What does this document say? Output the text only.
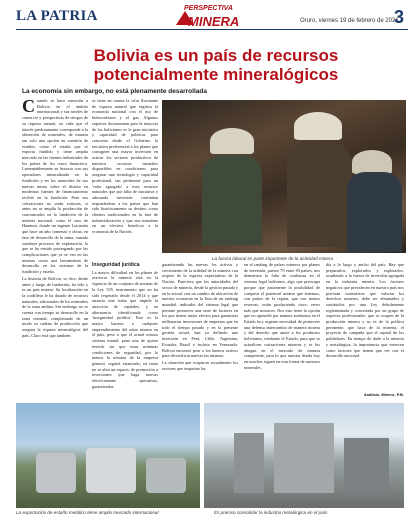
LA PATRIA	PERSPECTIVA
MINERA	Oruro, viernes 19 de febrero de 2021
3
Bolivia es un país de recursos potencialmente mineralógicos
La economía sin embargo, no está plenamente desarrollada

Cuando se hace mención a Bolivia en el ámbito internacional y sus niveles de comercio y perspectivas de riesgos de su riqueza natural, no cabe que el interés predominante corresponde a la obtención de minerales, de manera tan solo una opción en cuestión de estaños, como el estaño que se exporta fundido y tiene amplia mercado en las fuentes industriales de los países de los cinco financiero. Lamentablemente su historia con sus operadores mineralizada en la fundición y en los minerales de sus nuevas minas sobre el distrito en modernas fuentes de financiamiento recibió en la fundición. Pero sus cotizaciones no serán exitosas, si antes no se amplía la producción de concentrados en la fundición de la minería nacional, como el caso de Huanuni, donde un ingenio Lucianita que hace un año comenzó y obras, en fase de desarrollo de la mina, cuando sustituye procesos de explotación, lo que se ha venido postergando por las complicaciones que ya se ven en las mismas como una herramienta de desarrollo en los sistemas de la fundición y estaño.

La historia de Bolivia, se dice, desde antes y luego de fundación, ha sido y es un país minero. Su localización en la cordillera le ha dotado de recursos naturales, adicionales de los minerales de la zona andina. Sin embargo no se cuenta con tiempo su desarrollo en la zona oriental, completando de un modo su cadena de producción que asegura la riqueza mineralógica del país. Claro está que también

se tiene en cuenta la cifra fluctuante de riqueza natural que registra la economía nacional con el uso de hidrocarburos y el gas. Algunos expertos documentan para la mayoría de los bolivianos es la gran iniciativa y capacidad de políticas para concretar desde el Gobierno la iniciativa preferencial a los planes que consignen una mayor inversión en activar los sectores productivos de nuestros recursos naturales disponibles en condiciones para asegurar una tecnología y capacidad profesional, tan pertinente para un 'valor agregado' a esos recursos naturales que por falta de iniciativa y adecuada inversión continúan importándose a los países que han sido históricamente su destino como clientes tradicionales en la fase de industrialización y que nos mantiene en un efectivo beneficio a la economía de la Nación.

La fuerza laboral es parte importante de la actividad minera
Inseguridad jurídica

La mayor dificultad en los planes de reactivar la minería está en la vigencia de un conjunto de normas de la Ley 535, instrumento que no ha sido respetado desde el 2014 y que atraería una traba que impide la atracción de capitales, y en alternancia identificando como 'inseguridad jurídica'. Este es la mayor barrera a cualquier emprendimiento del rubro minero en el país, pese a que el actual mismo sistema estatal, pone una de quiere invertir sin que estas mínimas condiciones de seguridad, por lo menos la nómina de la empresa general, seguirá estancado, en tanto no se abra un espacio de promoción a inversiones que haga nuevas efectivamente operativas, garantizadas.

garantizando las nuevas los activos y crecimiento de la utilidad de la minería con respeto de la expresa expectativas de la Nación. Pareciera que las autoridades del sector de minería, desde la gestión pasada y en la actual, con un cambio de ubicación de nuestra economía en la lista de un ranking mundial, indicador del sistema legal que permite promover una serie de factores en los que tienen mejor efectos para garantizar millonarias inversiones de empresas que en todo el tiempo pasado y en la presente gestión actual, han ya definido una inversión en Perú, Chile, Argentina, Ecuador, Brasil e incluso en Venezuela. Bolivia encontró pese a los buenos activos para diversificar nuevas las mismas.

La situación que ocuparon actualmente los sectores que importan las

en el ranking de países mineros por planes de inversión, puesto 79 entre 83 países, nos demuestra la falta de confianza en el sistema legal boliviano, algo que preocupa porque que justamente la posibilidad de competir el potencial minero que tenemos, con países de la región, que con menos reservas, están produciendo cinco veces más que nosotros. Nos esto tiene la opción que no aprendió por manera autónoma en el Estado hoy urgente necesidad de promover una defensa intercambio de manera minera y del derecho que anote a los productos bolivianos, mediante el Estado, para que se actualicen cotizaciones mineras y se los abogan en el mercado de manera competente, para lo que nuestra deuda hoy en muchos siguen en esta forma de nuestros minerales.

día a lo largo y ancho del país. Hay que prepararlos, explorarlos y explotarlos, acudiendo a la fuerza de inversión agregada en la industria minera. Los factores negativos que prevalecen en nuestro país nos precisan normativas que valoran los derechos mineros, debe ser eliminados y sustituidos por una Ley debidamente reglamentada y concertada por un grupo de expertos profesionales, que se ocupen de la producción minera y su es de la política pertinente, que haca de la minería, el proyecto de campaña que el capital de los pobladores. En tiempo de darle a la minería y metalúrgica, la importancia que merecen como factores que tienen que ver con el desarrollo nacional.

Análisis. Minero, P.B.
La exportación de estaño metálico tiene amplio mercado internacional	Es preciso consolidar la industria metalúrgica en el país
